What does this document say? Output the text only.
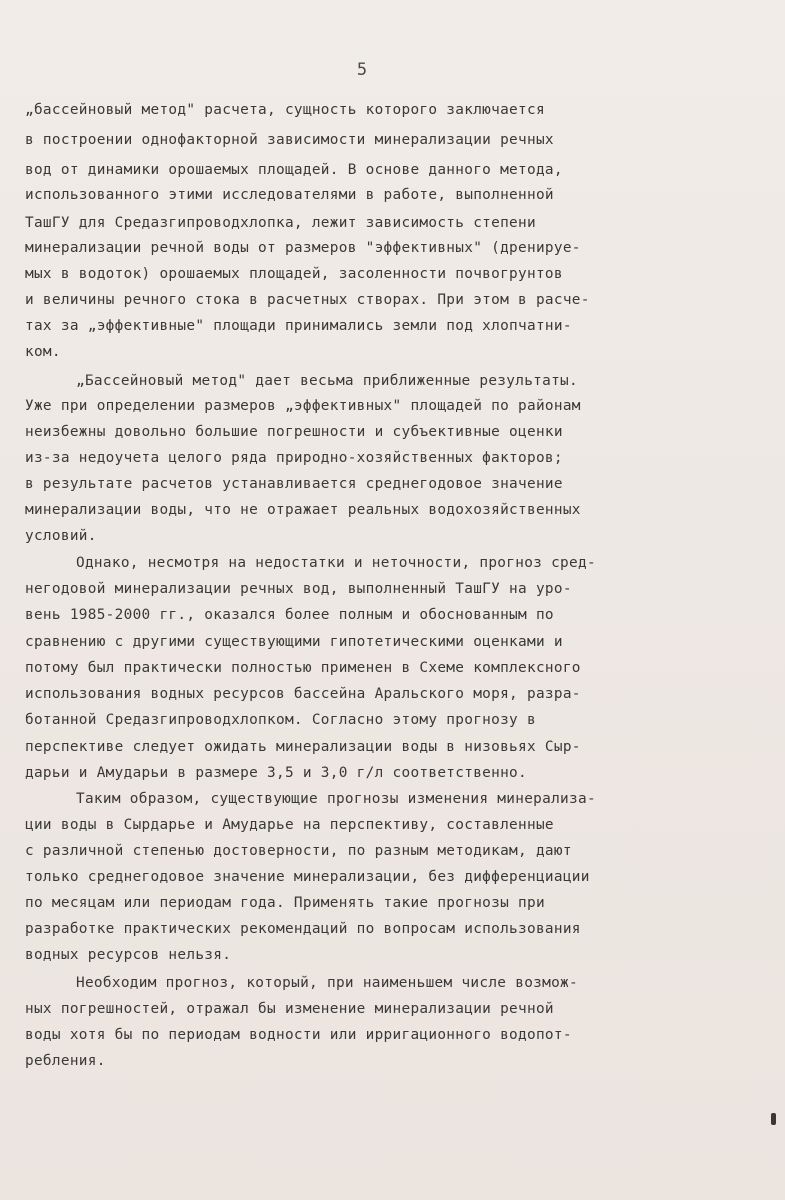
5
„бассейновый метод" расчета, сущность которого заключается
в построении однофакторной зависимости минерализации речных
вод от динамики орошаемых площадей. В основе данного метода,
использованного этими исследователями в работе, выполненной
ТашГУ для Средазгипроводхлопка, лежит зависимость степени
минерализации речной воды от размеров "эффективных" (дренируе-
мых в водоток) орошаемых площадей, засоленности почвогрунтов
и величины речного стока в расчетных створах. При этом в расче-
тах за „эффективные" площади принимались земли под хлопчатни-
ком.
„Бассейновый метод" дает весьма приближенные результаты.
Уже при определении размеров „эффективных" площадей по районам
неизбежны довольно большие погрешности и субъективные оценки
из-за недоучета целого ряда природно-хозяйственных факторов;
в результате расчетов устанавливается среднегодовое значение
минерализации воды, что не отражает реальных водохозяйственных
условий.
Однако, несмотря на недостатки и неточности, прогноз сред-
негодовой минерализации речных вод, выполненный ТашГУ на уро-
вень 1985-2000 гг., оказался более полным и обоснованным по
сравнению с другими существующими гипотетическими оценками и
потому был практически полностью применен в Схеме комплексного
использования водных ресурсов бассейна Аральского моря, разра-
ботанной Средазгипроводхлопком. Согласно этому прогнозу в
перспективе следует ожидать минерализации воды в низовьях Сыр-
дарьи и Амударьи в размере 3,5 и 3,0 г/л соответственно.
Таким образом, существующие прогнозы изменения минерализа-
ции воды в Сырдарье и Амударье на перспективу, составленные
с различной степенью достоверности, по разным методикам, дают
только среднегодовое значение минерализации, без дифференциации
по месяцам или периодам года. Применять такие прогнозы при
разработке практических рекомендаций по вопросам использования
водных ресурсов нельзя.
Необходим прогноз, который, при наименьшем числе возмож-
ных погрешностей, отражал бы изменение минерализации речной
воды хотя бы по периодам водности или ирригационного водопот-
ребления.
